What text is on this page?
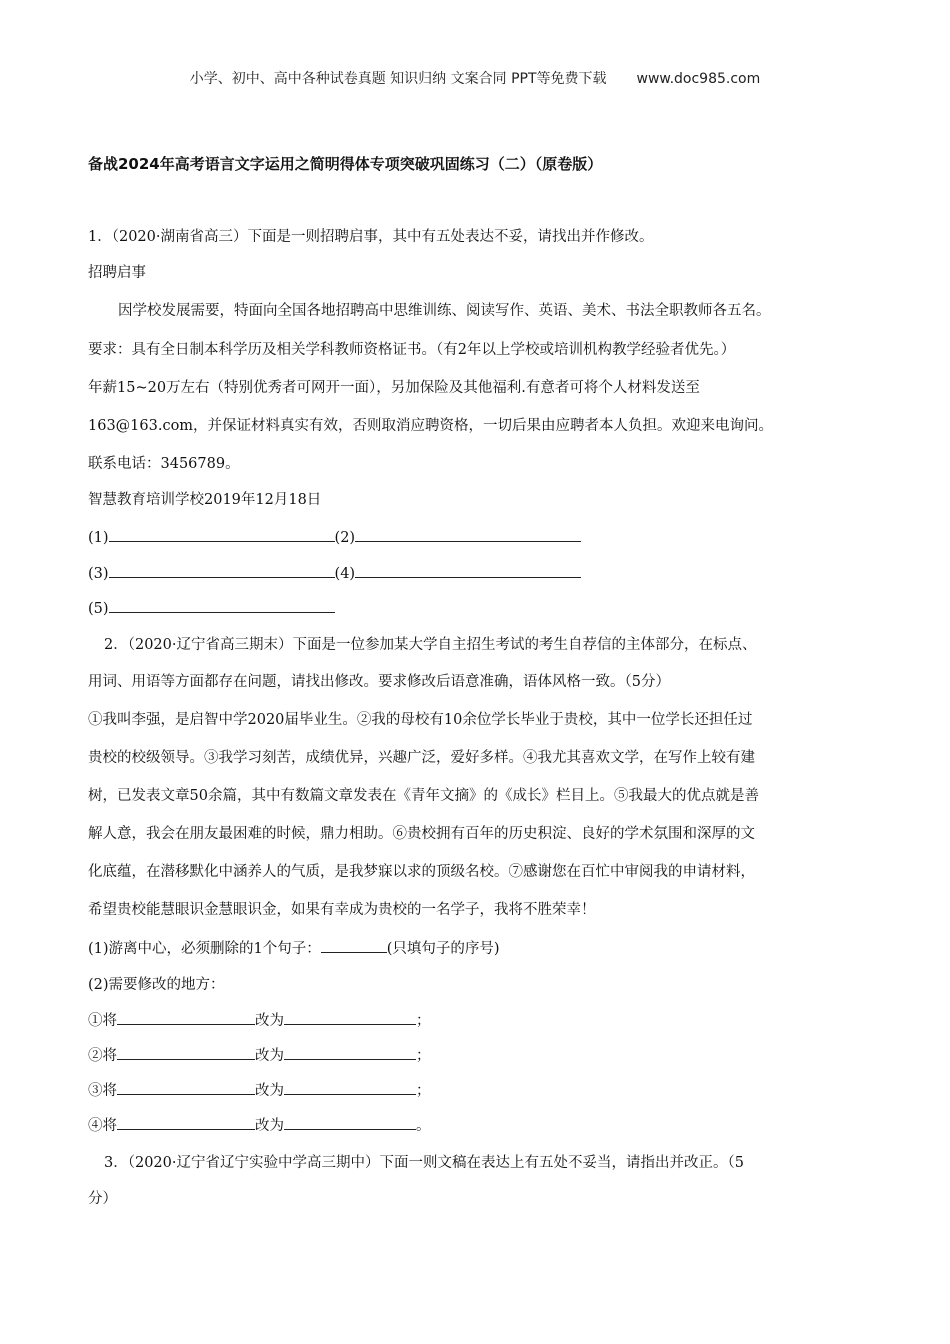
小学、初中、高中各种试卷真题 知识归纳 文案合同 PPT等免费下载 www.doc985.com
备战2024年高考语言文字运用之简明得体专项突破巩固练习（二）（原卷版）
1．（2020·湖南省高三）下面是一则招聘启事，其中有五处表达不妥，请找出并作修改。
招聘启事
因学校发展需要，特面向全国各地招聘高中思维训练、阅读写作、英语、美术、书法全职教师各五名。
要求：具有全日制本科学历及相关学科教师资格证书。（有2年以上学校或培训机构教学经验者优先。）
年薪15~20万左右（特别优秀者可网开一面），另加保险及其他福利.有意者可将个人材料发送至
163@163.com，并保证材料真实有效，否则取消应聘资格，一切后果由应聘者本人负担。欢迎来电询问。
联系电话：3456789。
智慧教育培训学校2019年12月18日
(1)	(2)
(3)	(4)
(5)
2．（2020·辽宁省高三期末）下面是一位参加某大学自主招生考试的考生自荐信的主体部分，在标点、
用词、用语等方面都存在问题，请找出修改。要求修改后语意准确，语体风格一致。（5分）
①我叫李强，是启智中学2020届毕业生。②我的母校有10余位学长毕业于贵校，其中一位学长还担任过
贵校的校级领导。③我学习刻苦，成绩优异，兴趣广泛，爱好多样。④我尤其喜欢文学，在写作上较有建
树，已发表文章50余篇，其中有数篇文章发表在《青年文摘》的《成长》栏目上。⑤我最大的优点就是善
解人意，我会在朋友最困难的时候，鼎力相助。⑥贵校拥有百年的历史积淀、良好的学术氛围和深厚的文
化底蕴，在潜移默化中涵养人的气质，是我梦寐以求的顶级名校。⑦感谢您在百忙中审阅我的申请材料，
希望贵校能慧眼识金慧眼识金，如果有幸成为贵校的一名学子，我将不胜荣幸！
(1)游离中心，必须删除的1个句子：	(只填句子的序号)
(2)需要修改的地方：
①将	改为	；
②将	改为	；
③将	改为	；
④将	改为	。
3．（2020·辽宁省辽宁实验中学高三期中）下面一则文稿在表达上有五处不妥当，请指出并改正。（5
分）
